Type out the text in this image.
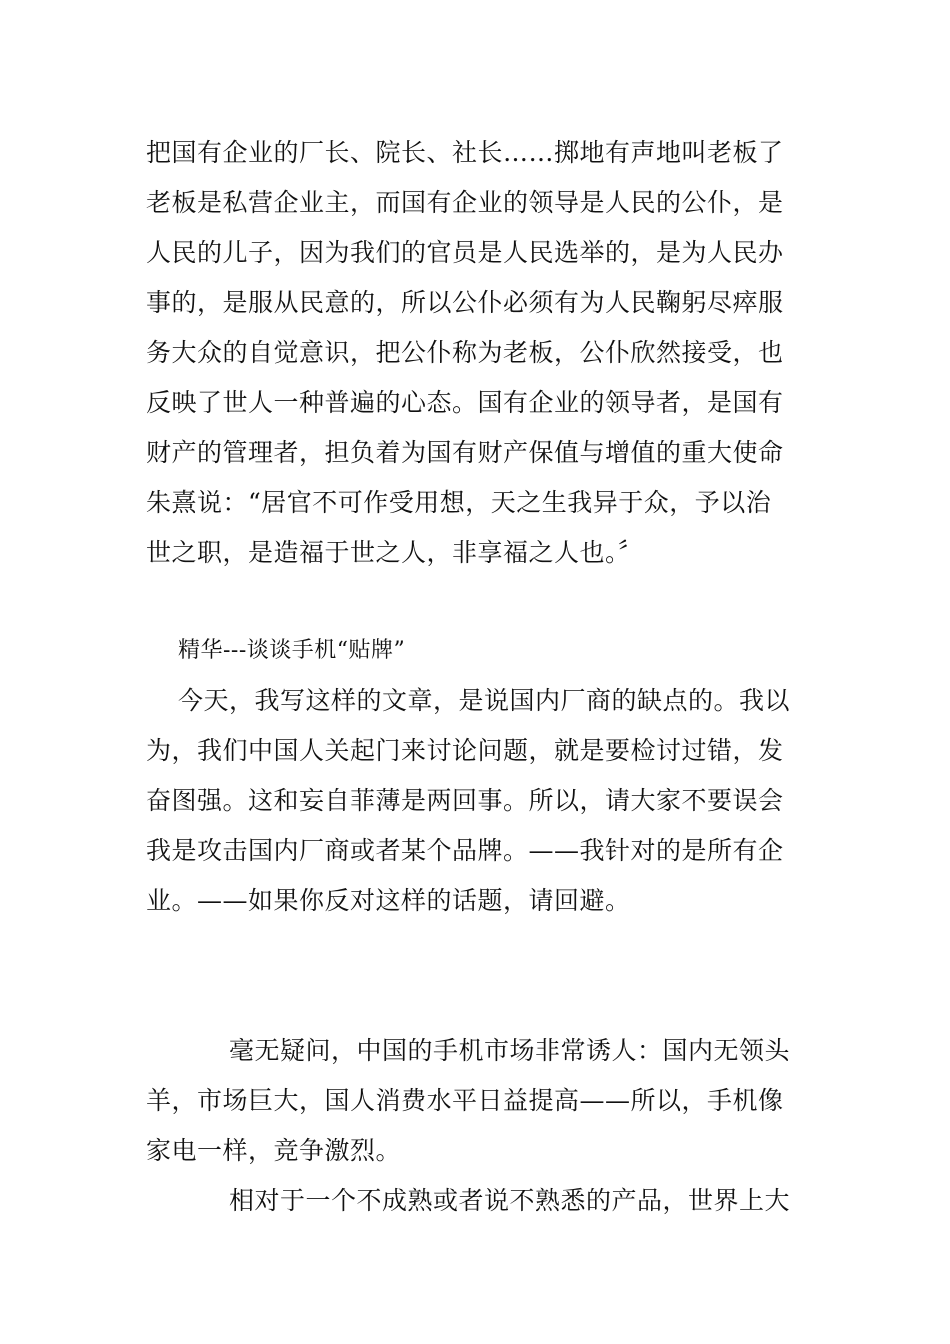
把国有企业的厂长、院长、社长……掷地有声地叫老板了
老板是私营企业主，而国有企业的领导是人民的公仆，是
人民的儿子，因为我们的官员是人民选举的，是为人民办
事的，是服从民意的，所以公仆必须有为人民鞠躬尽瘁服
务大众的自觉意识，把公仆称为老板，公仆欣然接受，也
反映了世人一种普遍的心态。国有企业的领导者，是国有
财产的管理者，担负着为国有财产保值与增值的重大使命
朱熹说：“居官不可作受用想，天之生我异于众，予以治
世之职，是造福于世之人，非享福之人也。〞
精华---谈谈手机“贴牌”
今天，我写这样的文章，是说国内厂商的缺点的。我以
为，我们中国人关起门来讨论问题，就是要检讨过错，发
奋图强。这和妄自菲薄是两回事。所以，请大家不要误会
我是攻击国内厂商或者某个品牌。——我针对的是所有企
业。——如果你反对这样的话题，请回避。
毫无疑问，中国的手机市场非常诱人：国内无领头
羊，市场巨大，国人消费水平日益提高——所以，手机像
家电一样，竞争激烈。
相对于一个不成熟或者说不熟悉的产品，世界上大
